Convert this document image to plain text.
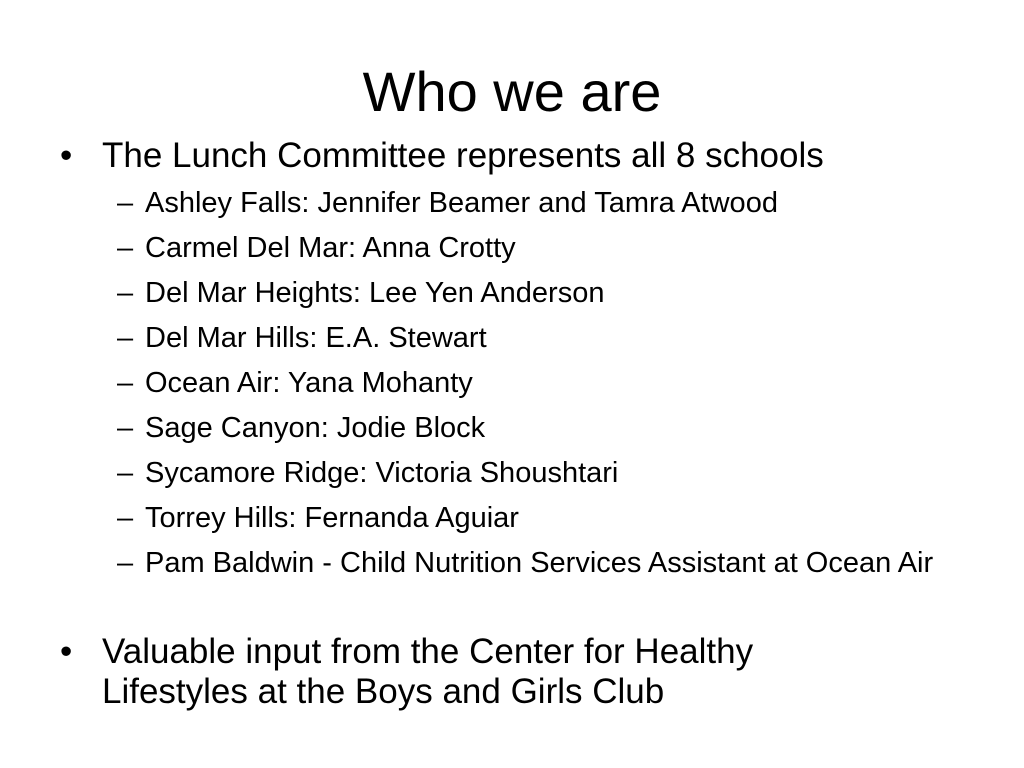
Who we are
• The Lunch Committee represents all 8 schools
– Ashley Falls: Jennifer Beamer and Tamra Atwood
– Carmel Del Mar: Anna Crotty
– Del Mar Heights: Lee Yen Anderson
– Del Mar Hills: E.A. Stewart
– Ocean Air: Yana Mohanty
– Sage Canyon: Jodie Block
– Sycamore Ridge: Victoria Shoushtari
– Torrey Hills: Fernanda Aguiar
– Pam Baldwin - Child Nutrition Services Assistant at Ocean Air
• Valuable input from the Center for Healthy Lifestyles at the Boys and Girls Club
